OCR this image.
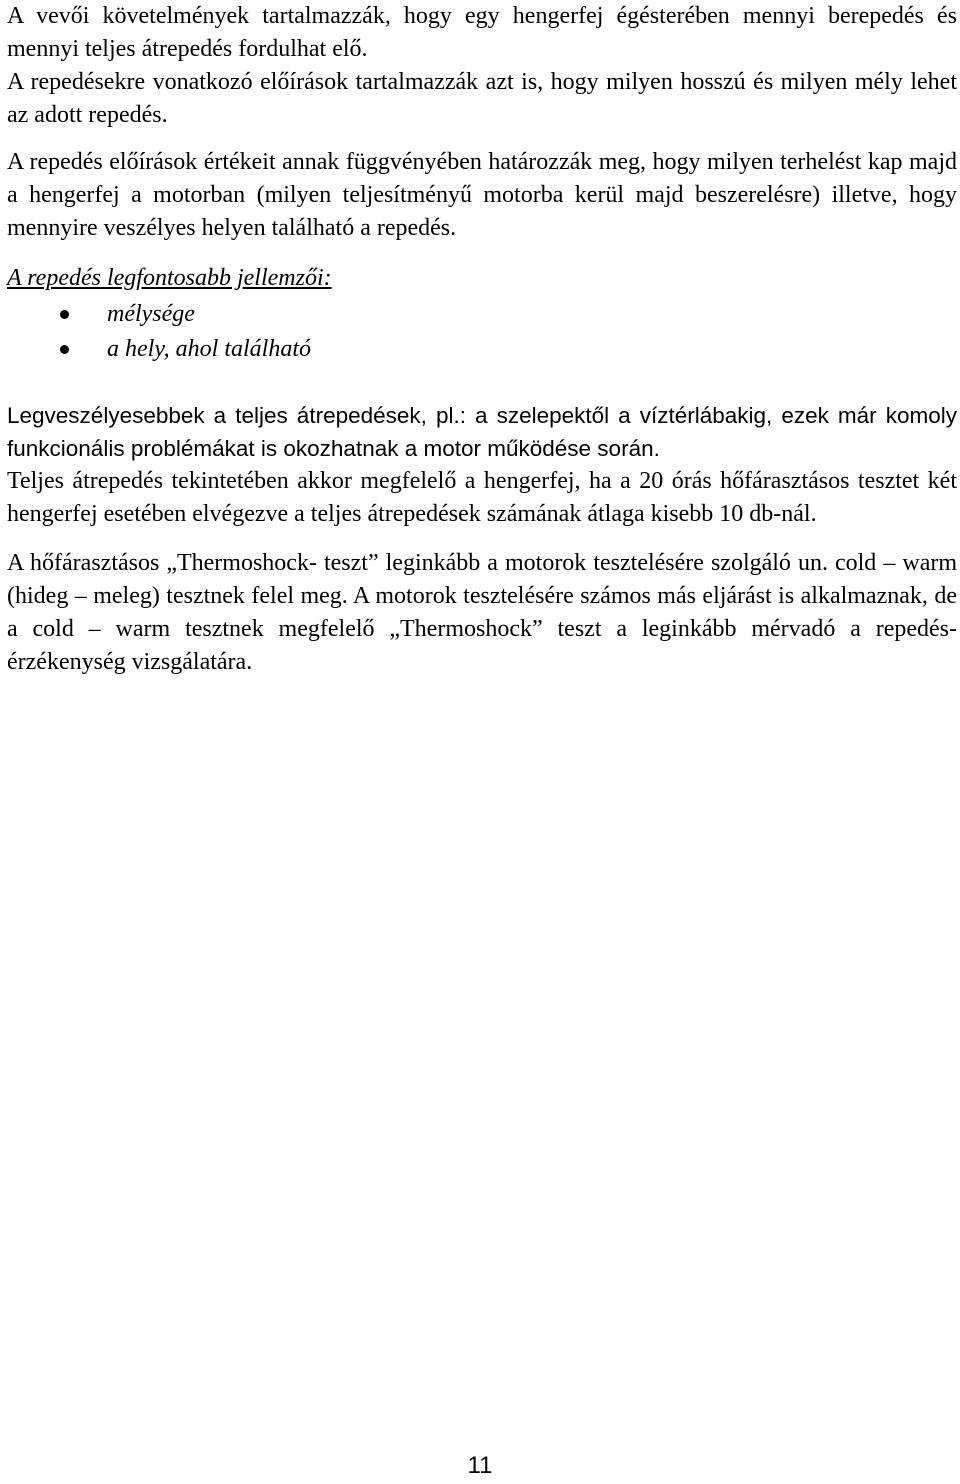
A vevői követelmények tartalmazzák, hogy egy hengerfej égésterében mennyi berepedés és mennyi teljes átrepedés fordulhat elő.

A repedésekre vonatkozó előírások tartalmazzák azt is, hogy milyen hosszú és milyen mély lehet az adott repedés.

A repedés előírások értékeit annak függvényében határozzák meg, hogy milyen terhelést kap majd a hengerfej a motorban (milyen teljesítményű motorba kerül majd beszerelésre) illetve, hogy mennyire veszélyes helyen található a repedés.

A repedés legfontosabb jellemzői:

mélysége
a hely, ahol található

Legveszélyesebbek a teljes átrepedések, pl.: a szelepektől a víztérlábakig, ezek már komoly funkcionális problémákat is okozhatnak a motor működése során.

Teljes átrepedés tekintetében akkor megfelelő a hengerfej, ha a 20 órás hőfárasztásos tesztet két hengerfej esetében elvégezve a teljes átrepedések számának átlaga kisebb 10 db-nál.

A hőfárasztásos „Thermoshock- teszt” leginkább a motorok tesztelésére szolgáló un. cold – warm (hideg – meleg) tesztnek felel meg. A motorok tesztelésére számos más eljárást is alkalmaznak, de a cold – warm tesztnek megfelelő „Thermoshock” teszt a leginkább mérvadó a repedés-érzékenység vizsgálatára.

11
